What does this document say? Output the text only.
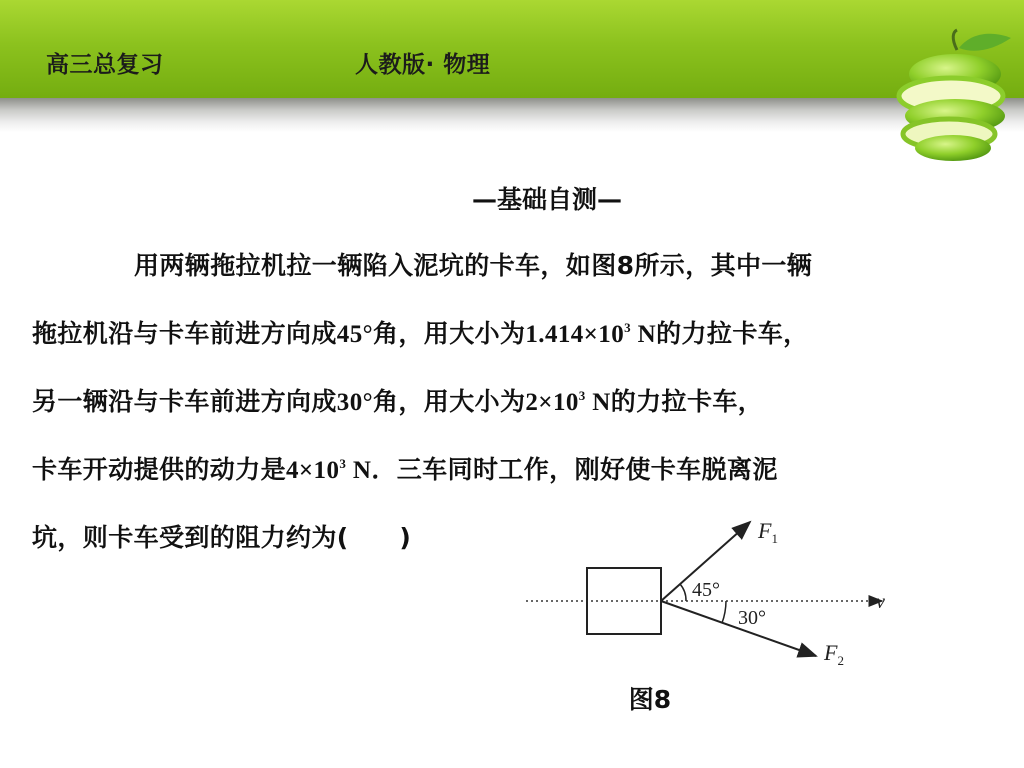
高三总复习	人教版· 物理
—基础自测—
用两辆拖拉机拉一辆陷入泥坑的卡车，如图8所示，其中一辆
拖拉机沿与卡车前进方向成45°角，用大小为$1.414\times 10^3$ N的力拉卡车，
另一辆沿与卡车前进方向成30°角，用大小为$2\times 10^3$ N的力拉卡车，
卡车开动提供的动力是$4\times 10^3$ N．三车同时工作，刚好使卡车脱离泥
坑，则卡车受到的阻力约为(　　)
45°
30°
$F_1$
$F_2$
v
图8
